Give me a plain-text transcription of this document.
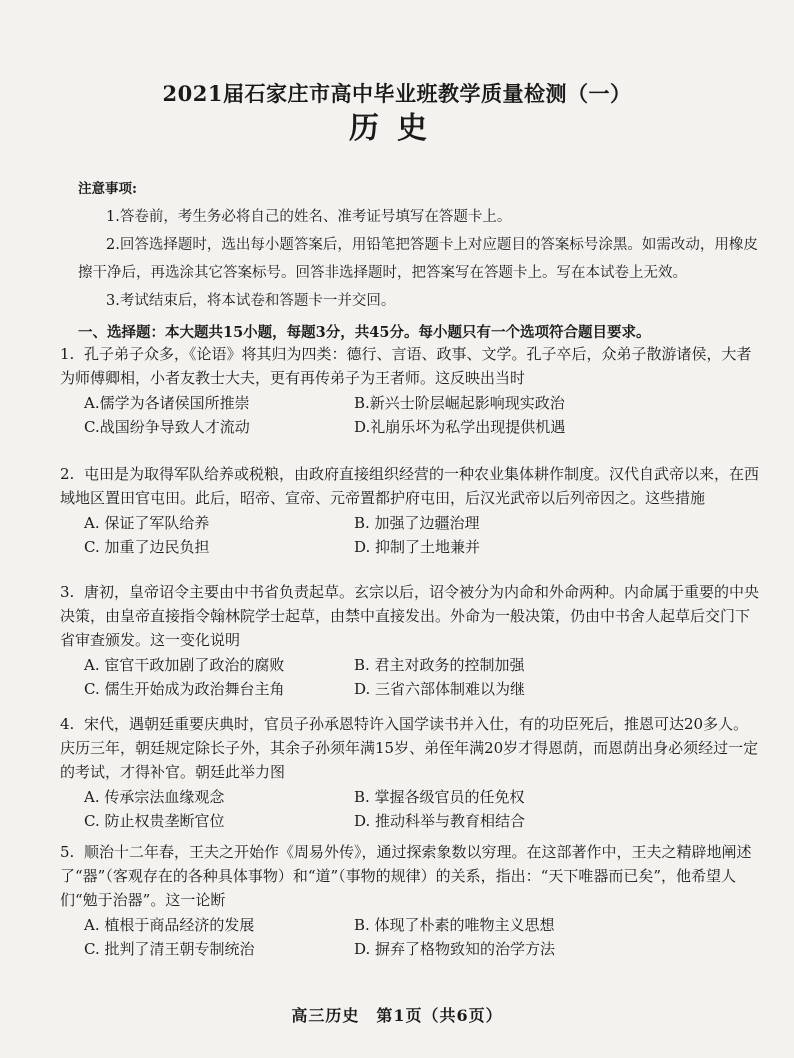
2021届石家庄市高中毕业班教学质量检测（一）
历史

注意事项:

1.答卷前，考生务必将自己的姓名、准考证号填写在答题卡上。

2.回答选择题时，选出每小题答案后，用铅笔把答题卡上对应题目的答案标号涂黑。如需改动，用橡皮擦干净后，再选涂其它答案标号。回答非选择题时，把答案写在答题卡上。写在本试卷上无效。

3.考试结束后，将本试卷和答题卡一并交回。

一、选择题：本大题共15小题，每题3分，共45分。每小题只有一个选项符合题目要求。

1. 孔子弟子众多，《论语》将其归为四类：德行、言语、政事、文学。孔子卒后，众弟子散游诸侯，大者为师傅卿相，小者友教士大夫，更有再传弟子为王者师。这反映出当时

A.儒学为各诸侯国所推崇	B.新兴士阶层崛起影响现实政治
C.战国纷争导致人才流动	D.礼崩乐坏为私学出现提供机遇

2. 屯田是为取得军队给养或税粮，由政府直接组织经营的一种农业集体耕作制度。汉代自武帝以来，在西域地区置田官屯田。此后，昭帝、宣帝、元帝置都护府屯田，后汉光武帝以后列帝因之。这些措施

A. 保证了军队给养	B. 加强了边疆治理
C. 加重了边民负担	D. 抑制了土地兼并

3. 唐初，皇帝诏令主要由中书省负责起草。玄宗以后，诏令被分为内命和外命两种。内命属于重要的中央决策，由皇帝直接指令翰林院学士起草，由禁中直接发出。外命为一般决策，仍由中书舍人起草后交门下省审查颁发。这一变化说明

A. 宦官干政加剧了政治的腐败	B. 君主对政务的控制加强
C. 儒生开始成为政治舞台主角	D. 三省六部体制难以为继

4. 宋代，遇朝廷重要庆典时，官员子孙承恩特许入国学读书并入仕，有的功臣死后，推恩可达20多人。庆历三年，朝廷规定除长子外，其余子孙须年满15岁、弟侄年满20岁才得恩荫，而恩荫出身必须经过一定的考试，才得补官。朝廷此举力图

A. 传承宗法血缘观念	B. 掌握各级官员的任免权
C. 防止权贵垄断官位	D. 推动科举与教育相结合

5. 顺治十二年春，王夫之开始作《周易外传》，通过探索象数以穷理。在这部著作中，王夫之精辟地阐述了“器”（客观存在的各种具体事物）和“道”（事物的规律）的关系，指出：“天下唯器而已矣”，他希望人们“勉于治器”。这一论断

A. 植根于商品经济的发展	B. 体现了朴素的唯物主义思想
C. 批判了清王朝专制统治	D. 摒弃了格物致知的治学方法
高三历史　第1页（共6页）
